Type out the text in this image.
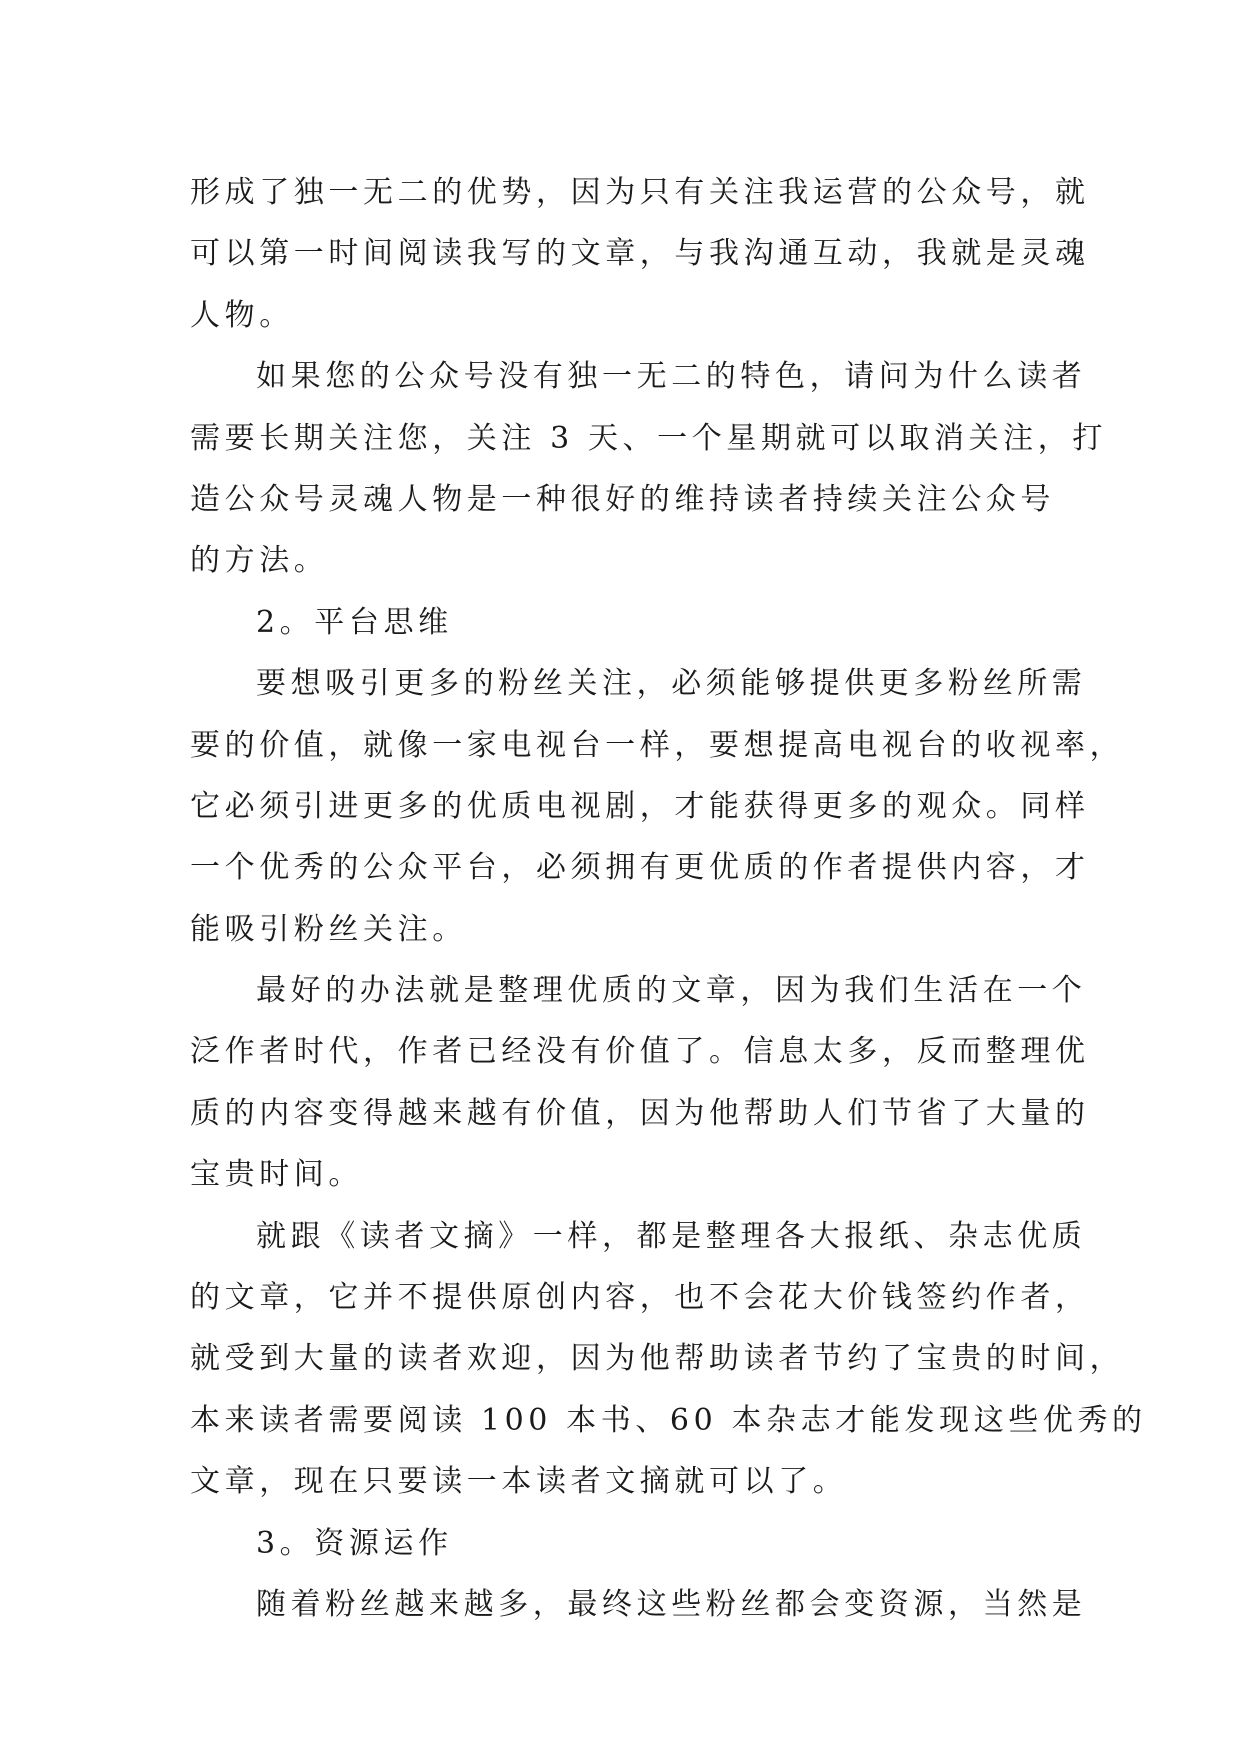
形成了独一无二的优势，因为只有关注我运营的公众号，就
可以第一时间阅读我写的文章，与我沟通互动，我就是灵魂
人物。
如果您的公众号没有独一无二的特色，请问为什么读者
需要长期关注您，关注 3 天、一个星期就可以取消关注，打
造公众号灵魂人物是一种很好的维持读者持续关注公众号
的方法。
2。平台思维
要想吸引更多的粉丝关注，必须能够提供更多粉丝所需
要的价值，就像一家电视台一样，要想提高电视台的收视率，
它必须引进更多的优质电视剧，才能获得更多的观众。同样
一个优秀的公众平台，必须拥有更优质的作者提供内容，才
能吸引粉丝关注。
最好的办法就是整理优质的文章，因为我们生活在一个
泛作者时代，作者已经没有价值了。信息太多，反而整理优
质的内容变得越来越有价值，因为他帮助人们节省了大量的
宝贵时间。
就跟《读者文摘》一样，都是整理各大报纸、杂志优质
的文章，它并不提供原创内容，也不会花大价钱签约作者，
就受到大量的读者欢迎，因为他帮助读者节约了宝贵的时间，
本来读者需要阅读 100 本书、60 本杂志才能发现这些优秀的
文章，现在只要读一本读者文摘就可以了。
3。资源运作
随着粉丝越来越多，最终这些粉丝都会变资源，当然是
